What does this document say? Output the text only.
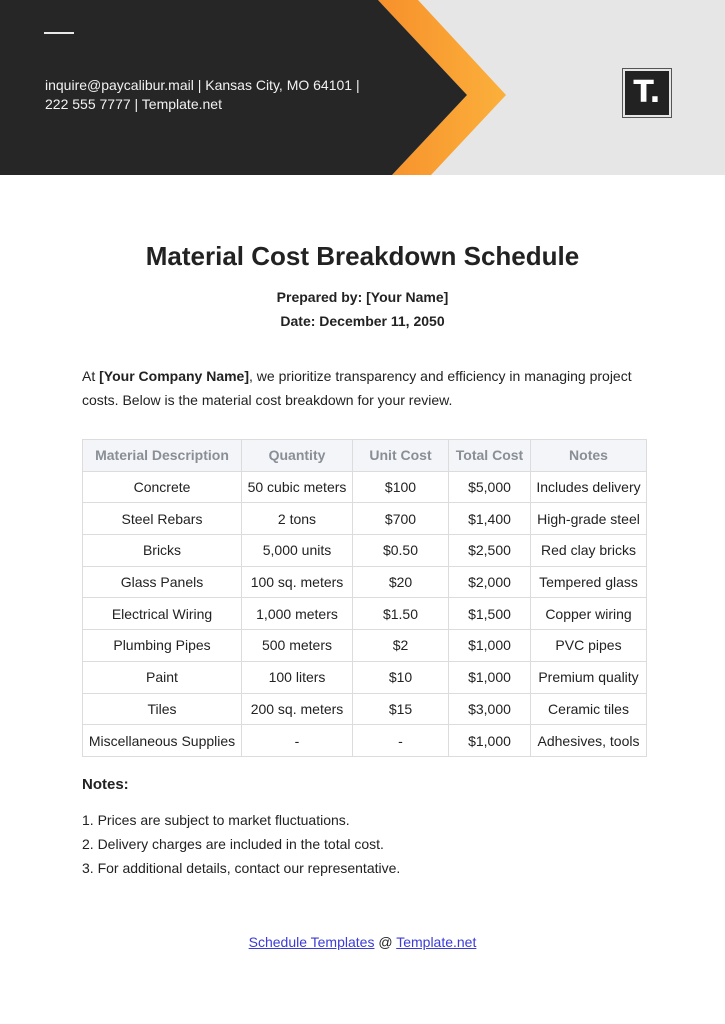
inquire@paycalibur.mail | Kansas City, MO 64101 |
222 555 7777 | Template.net	T.
Material Cost Breakdown Schedule
Prepared by: [Your Name]
Date: December 11, 2050
At [Your Company Name], we prioritize transparency and efficiency in managing project costs. Below is the material cost breakdown for your review.
Material Description	Quantity	Unit Cost	Total Cost	Notes
Concrete	50 cubic meters	$100	$5,000	Includes delivery
Steel Rebars	2 tons	$700	$1,400	High-grade steel
Bricks	5,000 units	$0.50	$2,500	Red clay bricks
Glass Panels	100 sq. meters	$20	$2,000	Tempered glass
Electrical Wiring	1,000 meters	$1.50	$1,500	Copper wiring
Plumbing Pipes	500 meters	$2	$1,000	PVC pipes
Paint	100 liters	$10	$1,000	Premium quality
Tiles	200 sq. meters	$15	$3,000	Ceramic tiles
Miscellaneous Supplies	-	-	$1,000	Adhesives, tools
Notes:
1. Prices are subject to market fluctuations.
2. Delivery charges are included in the total cost.
3. For additional details, contact our representative.
Schedule Templates @ Template.net
